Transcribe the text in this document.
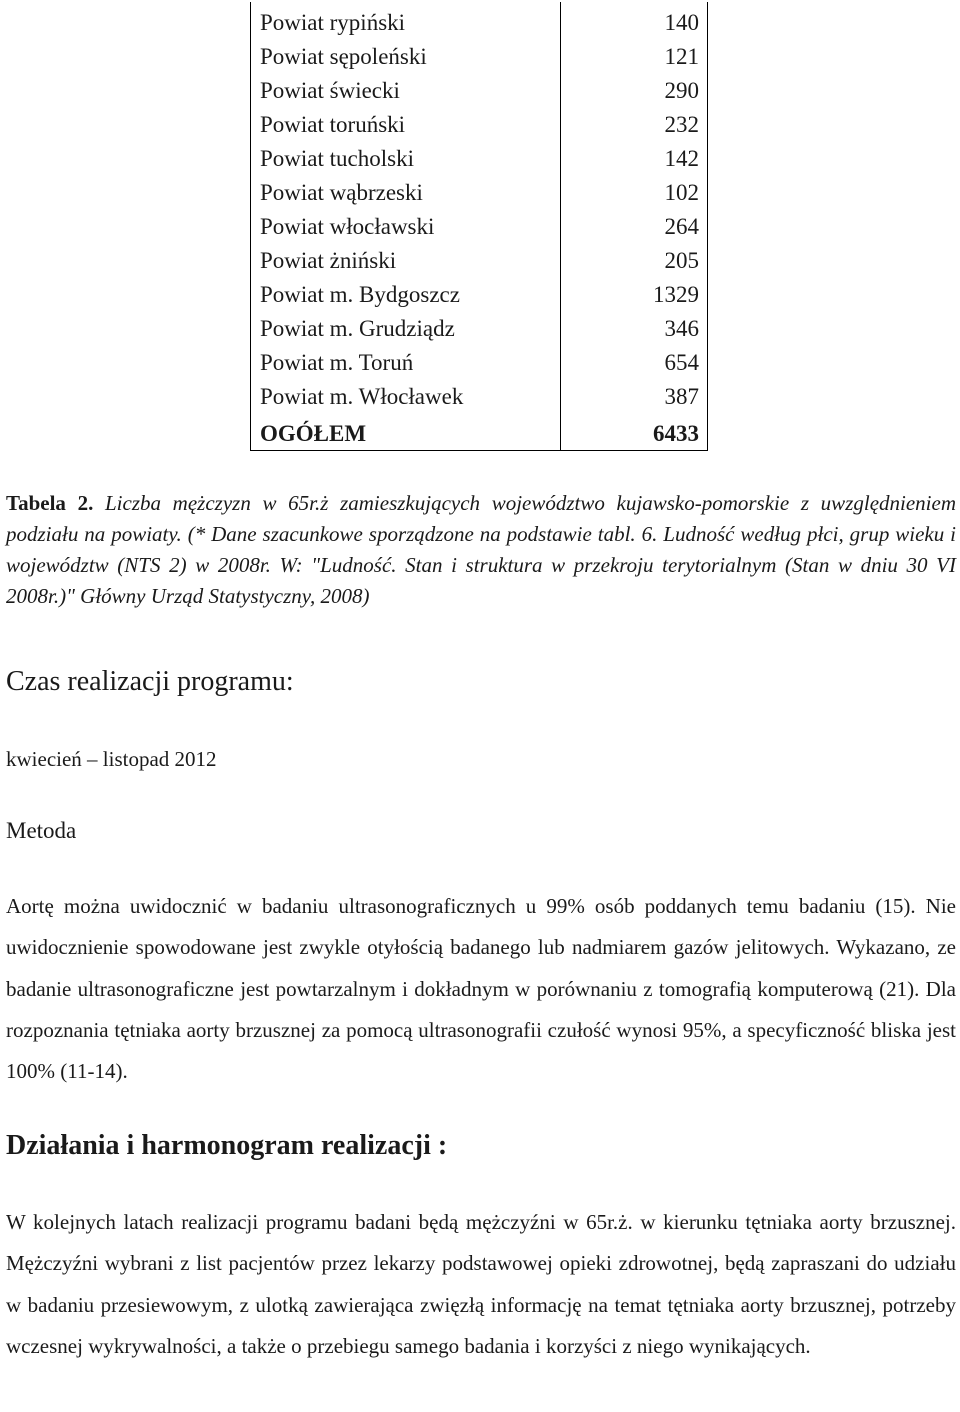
Powiat rypiński	140
Powiat sępoleński	121
Powiat świecki	290
Powiat toruński	232
Powiat tucholski	142
Powiat wąbrzeski	102
Powiat włocławski	264
Powiat żniński	205
Powiat m. Bydgoszcz	1329
Powiat m. Grudziądz	346
Powiat m. Toruń	654
Powiat m. Włocławek	387
OGÓŁEM	6433
Tabela 2. Liczba mężczyzn w 65r.ż zamieszkujących województwo kujawsko-pomorskie z uwzględnieniem podziału na powiaty. (* Dane szacunkowe sporządzone na podstawie tabl. 6. Ludność według płci, grup wieku i województw (NTS 2) w 2008r. W: "Ludność. Stan i struktura w przekroju terytorialnym (Stan w dniu 30 VI 2008r.)" Główny Urząd Statystyczny, 2008)
Czas realizacji programu:
kwiecień – listopad 2012
Metoda
Aortę można uwidocznić w badaniu ultrasonograficznych u 99% osób poddanych temu badaniu (15). Nie uwidocznienie spowodowane jest zwykle otyłością badanego lub nadmiarem gazów jelitowych. Wykazano, ze badanie ultrasonograficzne jest powtarzalnym i dokładnym w porównaniu z tomografią komputerową (21). Dla rozpoznania tętniaka aorty brzusznej za pomocą ultrasonografii czułość wynosi 95%, a specyficzność bliska jest 100% (11-14).
Działania i harmonogram realizacji :
W kolejnych latach realizacji programu badani będą mężczyźni w 65r.ż. w kierunku tętniaka aorty brzusznej. Mężczyźni wybrani z list pacjentów przez lekarzy podstawowej opieki zdrowotnej, będą zapraszani do udziału w badaniu przesiewowym, z ulotką zawierająca zwięzłą informację na temat tętniaka aorty brzusznej, potrzeby wczesnej wykrywalności, a także o przebiegu samego badania i korzyści z niego wynikających.
